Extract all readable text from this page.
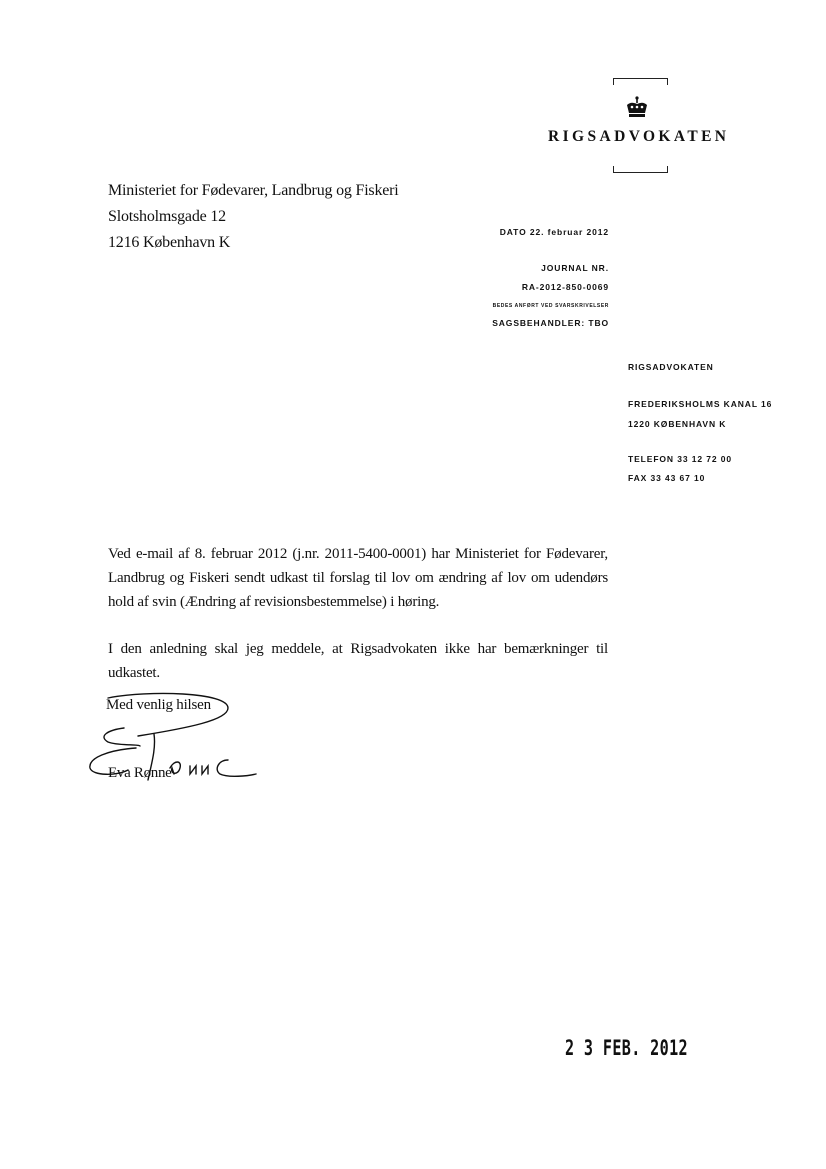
RIGSADVOKATEN
Ministeriet for Fødevarer, Landbrug og Fiskeri
Slotsholmsgade 12
1216 København K
DATO 22. februar 2012
JOURNAL NR.
RA-2012-850-0069
BEDES ANFØRT VED SVARSKRIVELSER
SAGSBEHANDLER: TBO
RIGSADVOKATEN
FREDERIKSHOLMS KANAL 16
1220 KØBENHAVN K
TELEFON 33 12 72 00
FAX 33 43 67 10
Ved e-mail af 8. februar 2012 (j.nr. 2011-5400-0001) har Ministeriet for Fødevarer, Landbrug og Fiskeri sendt udkast til forslag til lov om ændring af lov om udendørs hold af svin (Ændring af revisionsbestemmelse) i høring.
I den anledning skal jeg meddele, at Rigsadvokaten ikke har bemærkninger til udkastet.
Med venlig hilsen
Eva Rønne
2 3 FEB. 2012
